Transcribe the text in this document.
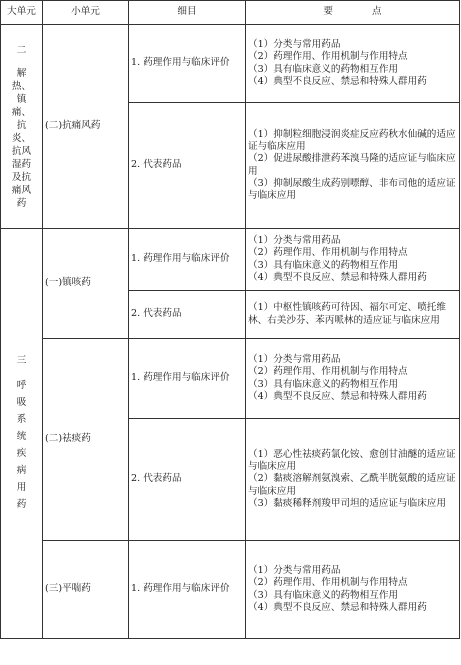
大单元	小单元	细目	要 点

二
解热、镇痛、抗炎、抗风湿药及抗痛风药	(二)抗痛风药	1. 药理作用与临床评价	（1）分类与常用药品
（2）药理作用、作用机制与作用特点
（3）具有临床意义的药物相互作用
（4）典型不良反应、禁忌和特殊人群用药

		2. 代表药品	（1）抑制粒细胞浸润炎症反应药秋水仙碱的适应证与临床应用
（2）促进尿酸排泄药苯溴马隆的适应证与临床应用
（3）抑制尿酸生成药别嘌醇、非布司他的适应证与临床应用

三
呼吸系统疾病用药	(一)镇咳药	1. 药理作用与临床评价	（1）分类与常用药品
（2）药理作用、作用机制与作用特点
（3）具有临床意义的药物相互作用
（4）典型不良反应、禁忌和特殊人群用药

		2. 代表药品	（1）中枢性镇咳药可待因、福尔可定、喷托维林、右美沙芬、苯丙哌林的适应证与临床应用

	(二)祛痰药	1. 药理作用与临床评价	（1）分类与常用药品
（2）药理作用、作用机制与作用特点
（3）具有临床意义的药物相互作用
（4）典型不良反应、禁忌和特殊人群用药

		2. 代表药品	（1）恶心性祛痰药氯化铵、愈创甘油醚的适应证与临床应用
（2）黏痰溶解剂氨溴索、乙酰半胱氨酸的适应证与临床应用
（3）黏痰稀释剂羧甲司坦的适应证与临床应用

	(三)平喘药	1. 药理作用与临床评价	（1）分类与常用药品
（2）药理作用、作用机制与作用特点
（3）具有临床意义的药物相互作用
（4）典型不良反应、禁忌和特殊人群用药
